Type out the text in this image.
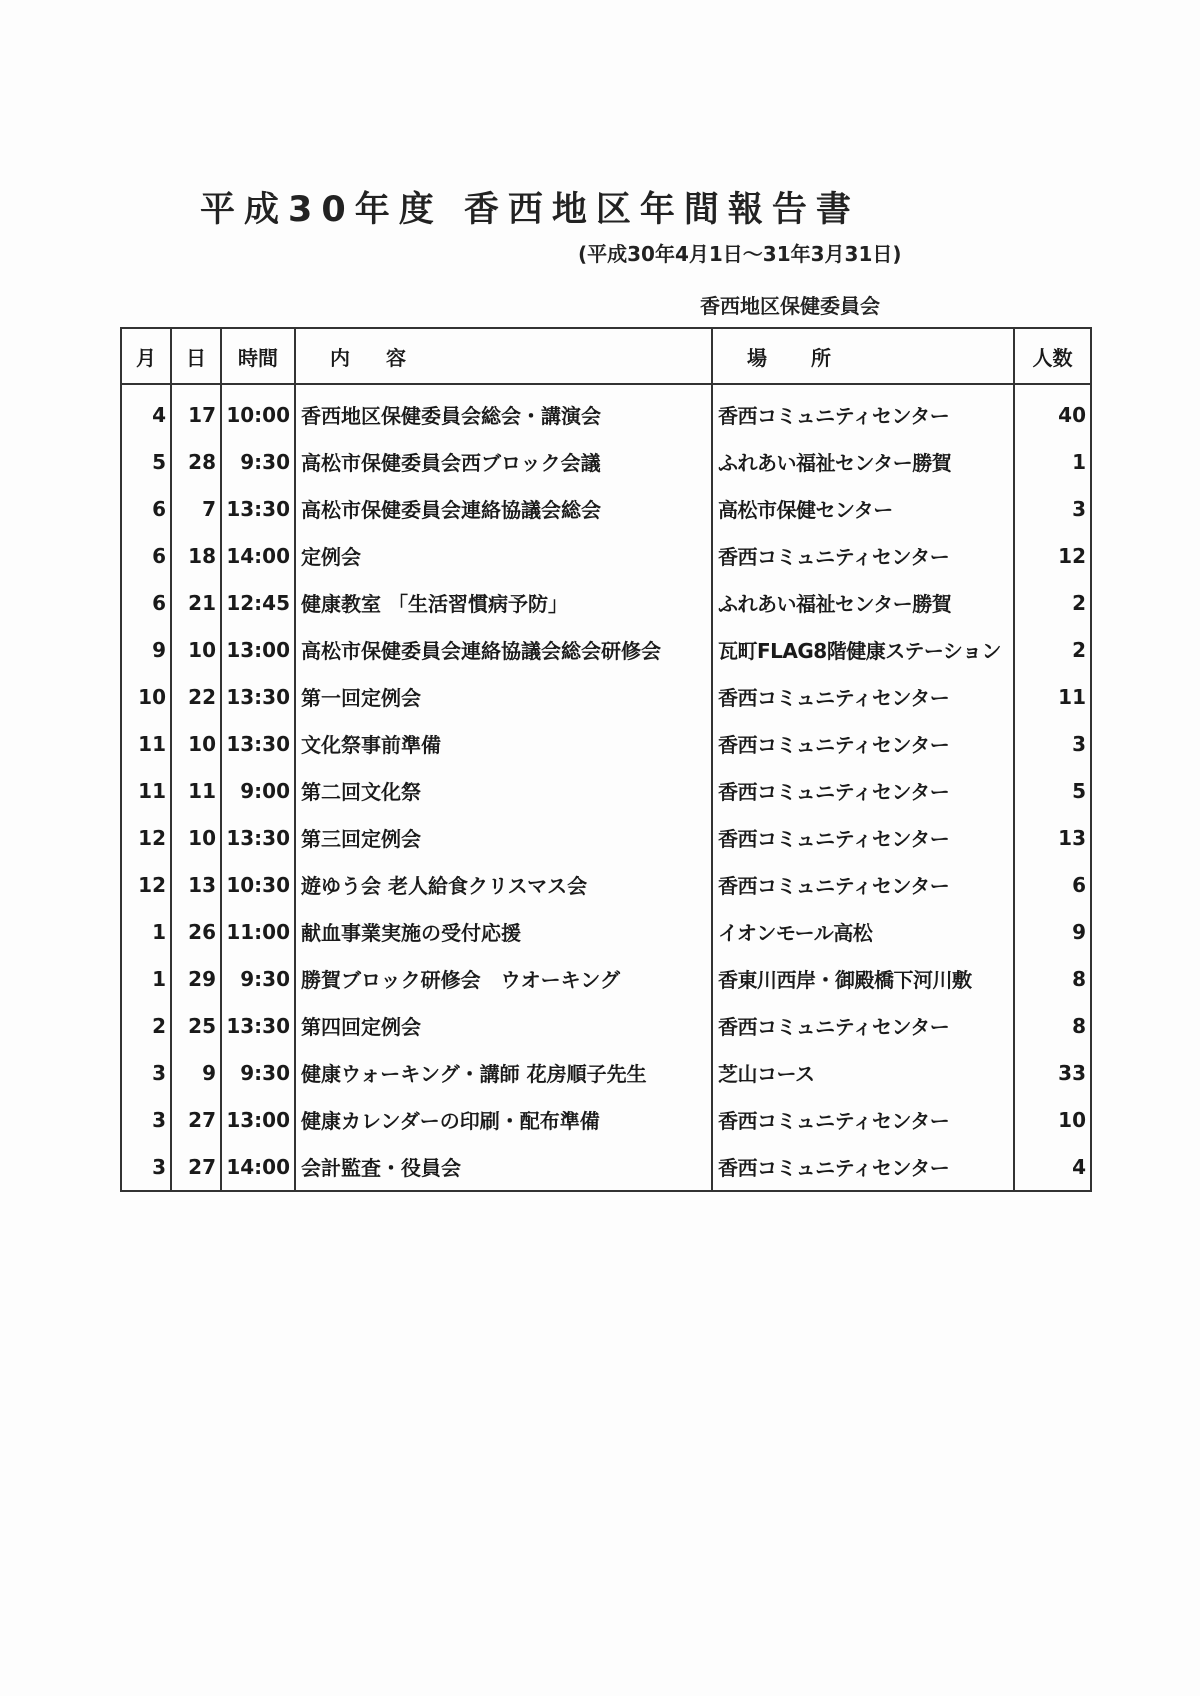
平成30年度 香西地区年間報告書
(平成30年4月1日～31年3月31日)
香西地区保健委員会
月	日	時間	内 容	場 所	人数
4	17	10:00	香西地区保健委員会総会・講演会	香西コミュニティセンター	40
5	28	9:30	高松市保健委員会西ブロック会議	ふれあい福祉センター勝賀	1
6	7	13:30	高松市保健委員会連絡協議会総会	高松市保健センター	3
6	18	14:00	定例会	香西コミュニティセンター	12
6	21	12:45	健康教室 「生活習慣病予防」	ふれあい福祉センター勝賀	2
9	10	13:00	高松市保健委員会連絡協議会総会研修会	瓦町FLAG8階健康ステーション	2
10	22	13:30	第一回定例会	香西コミュニティセンター	11
11	10	13:30	文化祭事前準備	香西コミュニティセンター	3
11	11	9:00	第二回文化祭	香西コミュニティセンター	5
12	10	13:30	第三回定例会	香西コミュニティセンター	13
12	13	10:30	遊ゆう会 老人給食クリスマス会	香西コミュニティセンター	6
1	26	11:00	献血事業実施の受付応援	イオンモール高松	9
1	29	9:30	勝賀ブロック研修会　ウオーキング	香東川西岸・御殿橋下河川敷	8
2	25	13:30	第四回定例会	香西コミュニティセンター	8
3	9	9:30	健康ウォーキング・講師 花房順子先生	芝山コース	33
3	27	13:00	健康カレンダーの印刷・配布準備	香西コミュニティセンター	10
3	27	14:00	会計監査・役員会	香西コミュニティセンター	4
